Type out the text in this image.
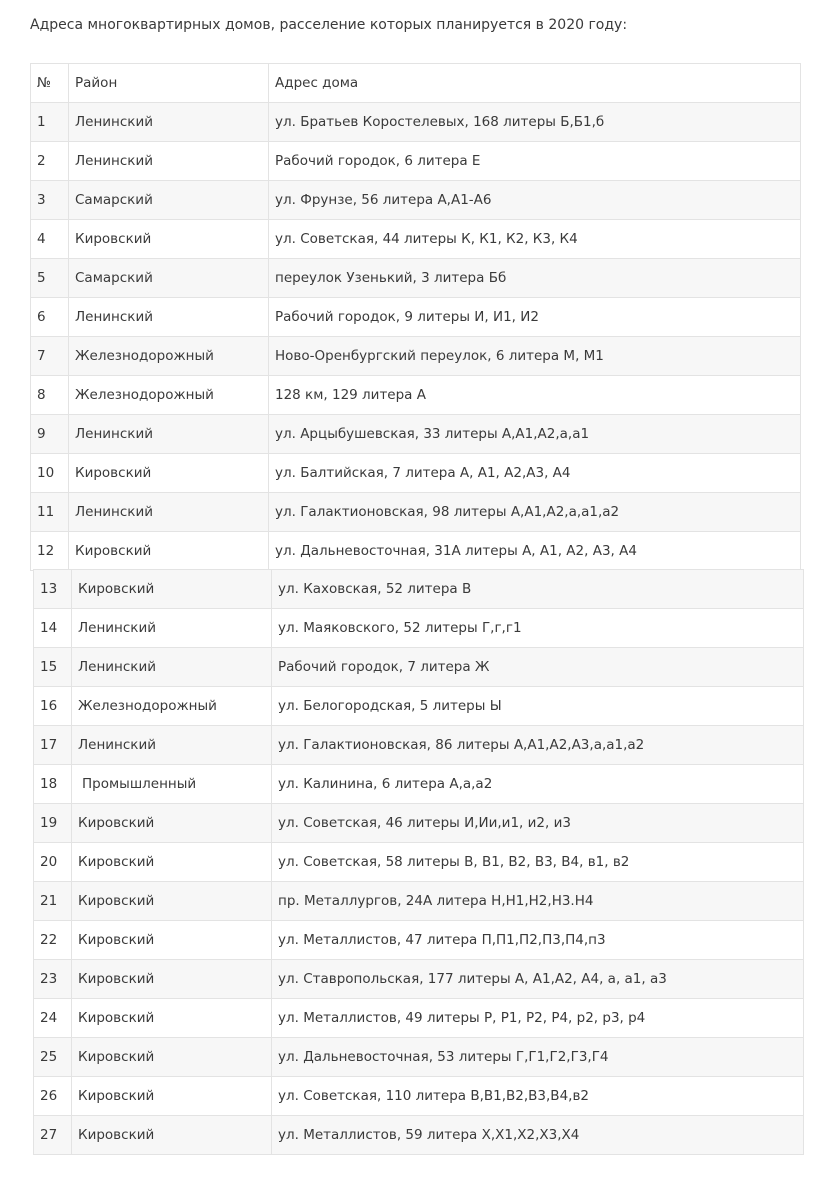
Адреса многоквартирных домов, расселение которых планируется в 2020 году:
№	Район	Адрес дома
1	Ленинский	ул. Братьев Коростелевых, 168 литеры Б,Б1,б
2	Ленинский	Рабочий городок, 6 литера Е
3	Самарский	ул. Фрунзе, 56 литера А,А1-А6
4	Кировский	ул. Советская, 44 литеры К, К1, К2, К3, К4
5	Самарский	переулок Узенький, 3 литера Бб
6	Ленинский	Рабочий городок, 9 литеры И, И1, И2
7	Железнодорожный	Ново-Оренбургский переулок, 6 литера М, М1
8	Железнодорожный	128 км, 129 литера А
9	Ленинский	ул. Арцыбушевская, 33 литеры А,А1,А2,а,а1
10	Кировский	ул. Балтийская, 7 литера А, А1, А2,А3, А4
11	Ленинский	ул. Галактионовская, 98 литеры А,А1,А2,а,а1,а2
12	Кировский	ул. Дальневосточная, 31А литеры А, А1, А2, А3, А4
13	Кировский	ул. Каховская, 52 литера В
14	Ленинский	ул. Маяковского, 52 литеры Г,г,г1
15	Ленинский	Рабочий городок, 7 литера Ж
16	Железнодорожный	ул. Белогородская, 5 литеры Ы
17	Ленинский	ул. Галактионовская, 86 литеры А,А1,А2,А3,а,а1,а2
18	Промышленный	ул. Калинина, 6 литера А,а,а2
19	Кировский	ул. Советская, 46 литеры И,Ии,и1, и2, и3
20	Кировский	ул. Советская, 58 литеры В, В1, В2, В3, В4, в1, в2
21	Кировский	пр. Металлургов, 24А литера Н,Н1,Н2,Н3.Н4
22	Кировский	ул. Металлистов, 47 литера П,П1,П2,П3,П4,п3
23	Кировский	ул. Ставропольская, 177 литеры А, А1,А2, А4, а, а1, а3
24	Кировский	ул. Металлистов, 49 литеры Р, Р1, Р2, Р4, р2, р3, р4
25	Кировский	ул. Дальневосточная, 53 литеры Г,Г1,Г2,Г3,Г4
26	Кировский	ул. Советская, 110 литера В,В1,В2,В3,В4,в2
27	Кировский	ул. Металлистов, 59 литера Х,Х1,Х2,Х3,Х4
